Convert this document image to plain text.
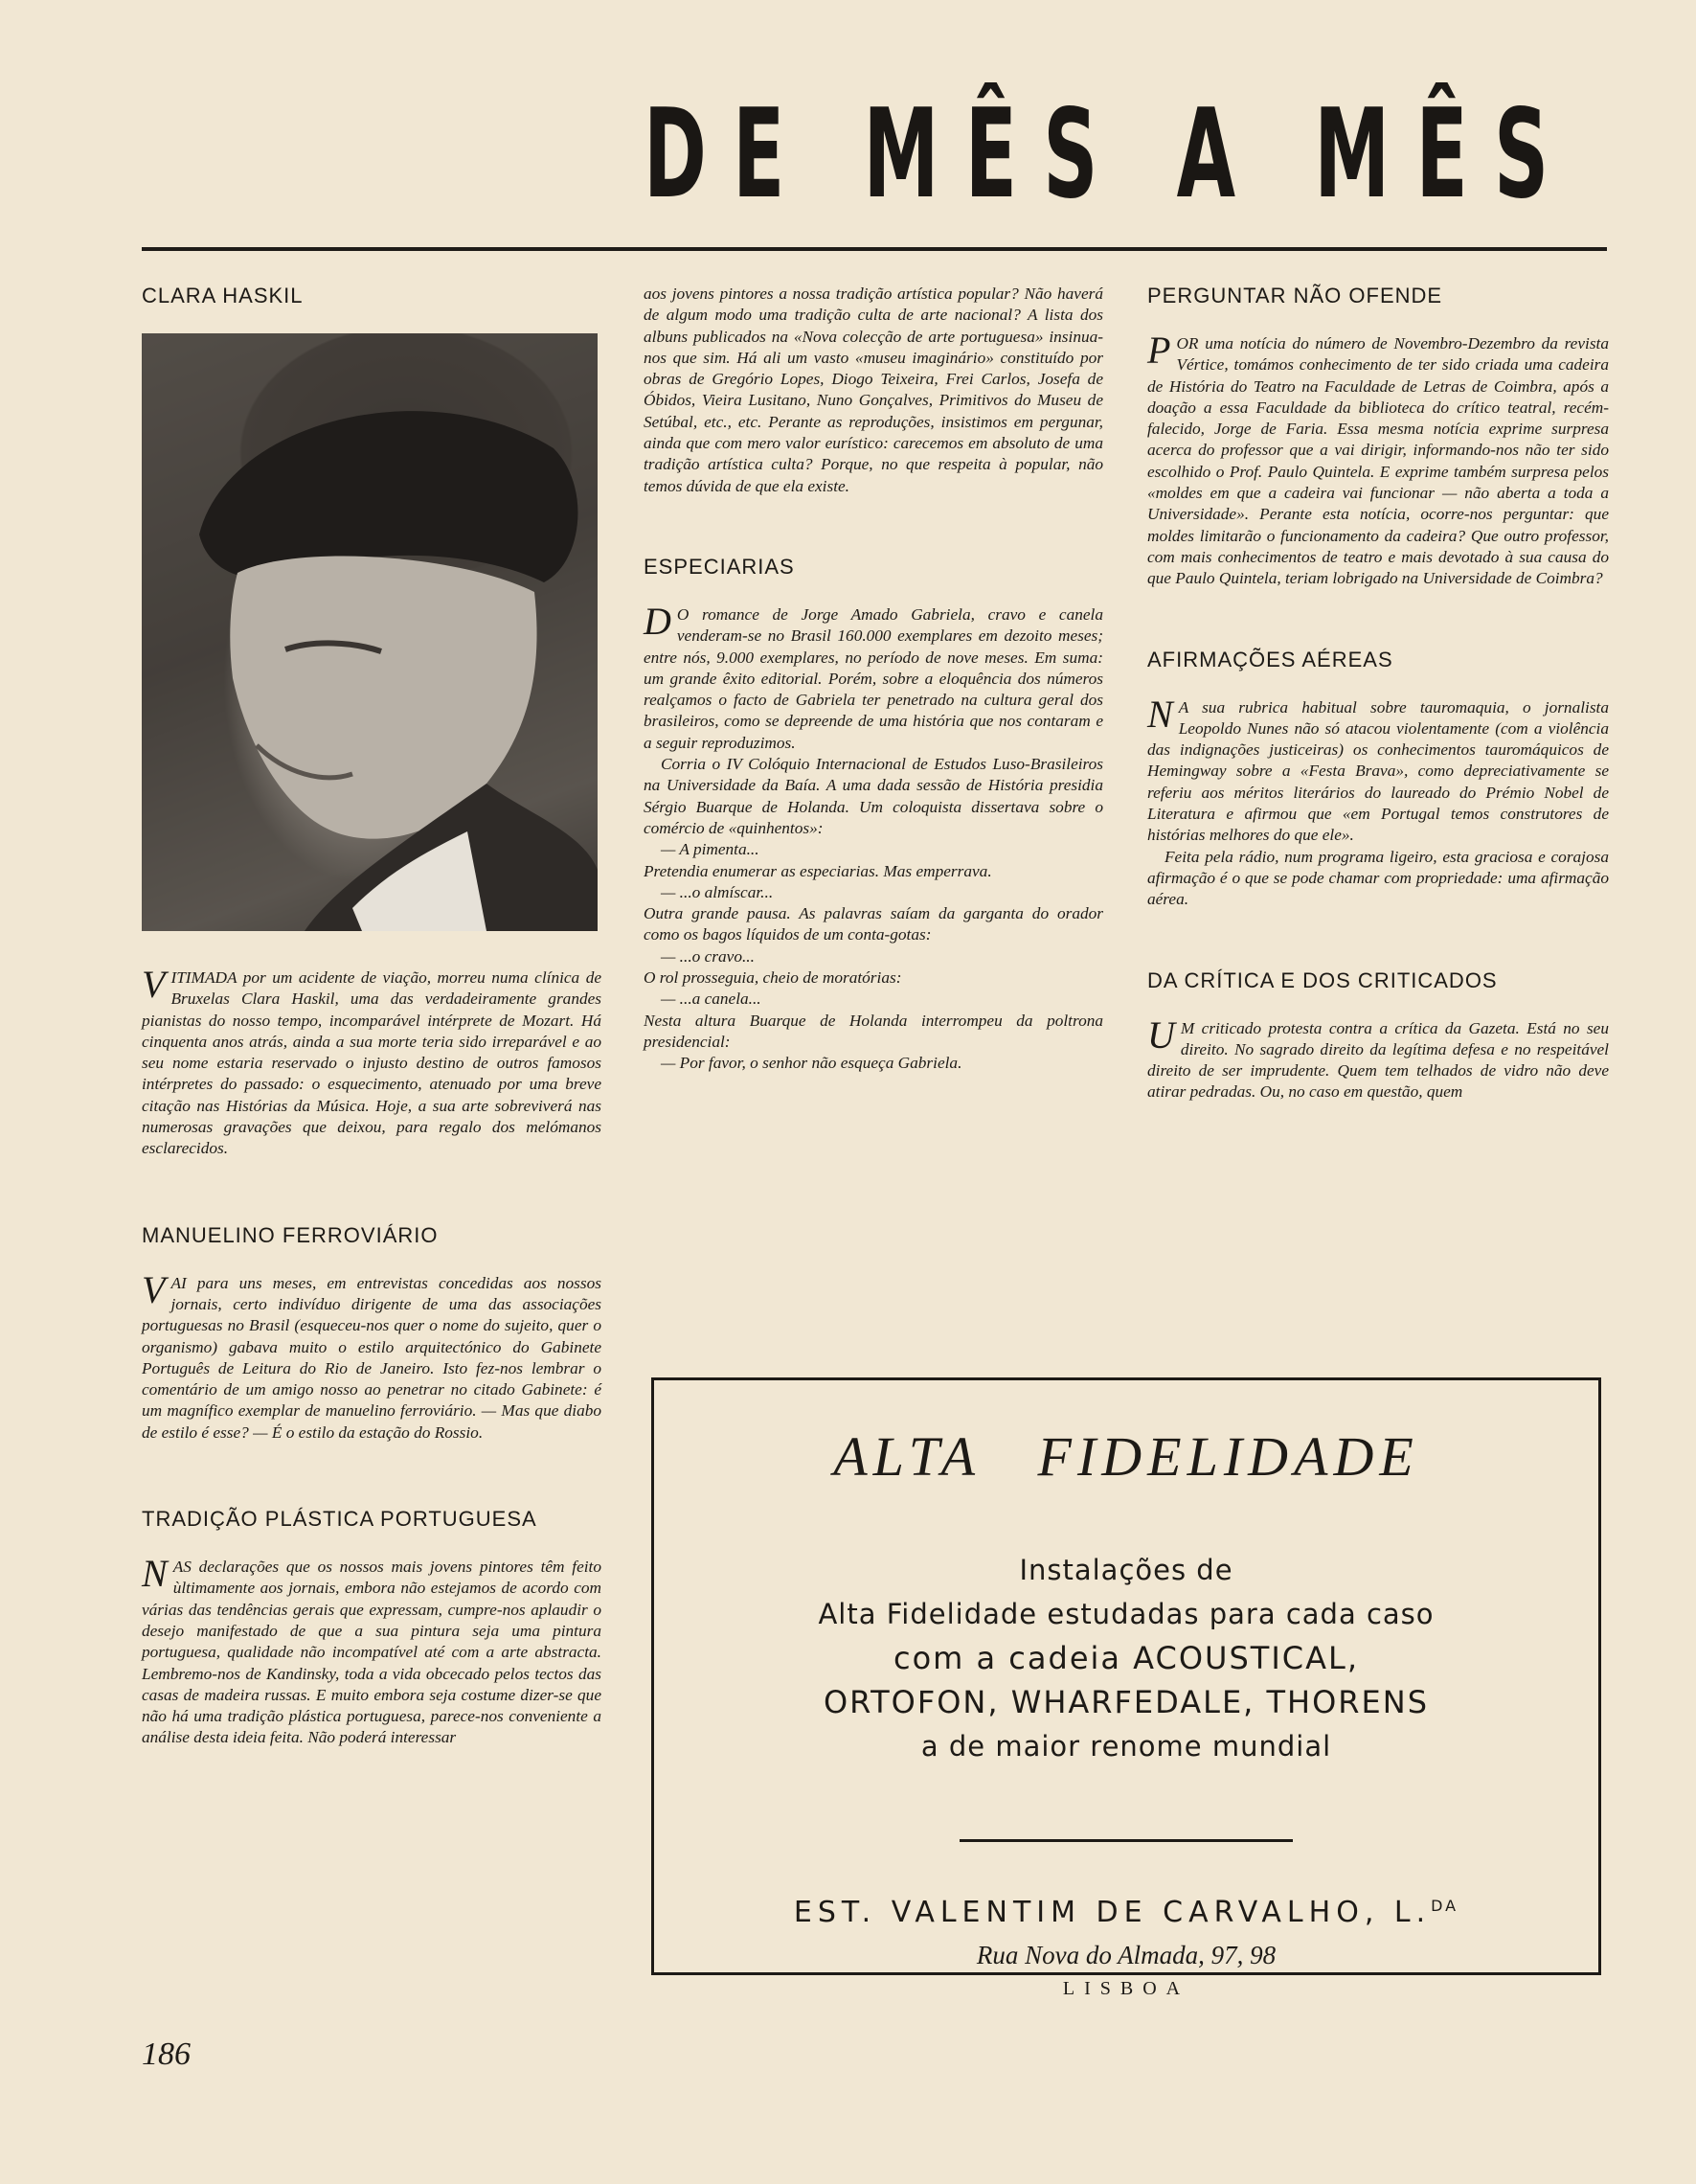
DE MÊS A MÊS
CLARA HASKIL

VITIMADA por um acidente de viação, morreu numa clínica de Bruxelas Clara Haskil, uma das verdadeiramente grandes pianistas do nosso tempo, incomparável intérprete de Mozart. Há cinquenta anos atrás, ainda a sua morte teria sido irreparável e ao seu nome estaria reservado o injusto destino de outros famosos intérpretes do passado: o esquecimento, atenuado por uma breve citação nas Histórias da Música. Hoje, a sua arte sobreviverá nas numerosas gravações que deixou, para regalo dos melómanos esclarecidos.

MANUELINO FERROVIÁRIO

VAI para uns meses, em entrevistas concedidas aos nossos jornais, certo indivíduo dirigente de uma das associações portuguesas no Brasil (esqueceu-nos quer o nome do sujeito, quer o organismo) gabava muito o estilo arquitectónico do Gabinete Português de Leitura do Rio de Janeiro. Isto fez-nos lembrar o comentário de um amigo nosso ao penetrar no citado Gabinete: é um magnífico exemplar de manuelino ferroviário. — Mas que diabo de estilo é esse? — É o estilo da estação do Rossio.

TRADIÇÃO PLÁSTICA PORTUGUESA

NAS declarações que os nossos mais jovens pintores têm feito ùltimamente aos jornais, embora não estejamos de acordo com várias das tendências gerais que expressam, cumpre-nos aplaudir o desejo manifestado de que a sua pintura seja uma pintura portuguesa, qualidade não incompatível até com a arte abstracta. Lembremo-nos de Kandinsky, toda a vida obcecado pelos tectos das casas de madeira russas. E muito embora seja costume dizer-se que não há uma tradição plástica portuguesa, parece-nos conveniente a análise desta ideia feita. Não poderá interessar

aos jovens pintores a nossa tradição artística popular? Não haverá de algum modo uma tradição culta de arte nacional? A lista dos albuns publicados na «Nova colecção de arte portuguesa» insinua-nos que sim. Há ali um vasto «museu imaginário» constituído por obras de Gregório Lopes, Diogo Teixeira, Frei Carlos, Josefa de Óbidos, Vieira Lusitano, Nuno Gonçalves, Primitivos do Museu de Setúbal, etc., etc. Perante as reproduções, insistimos em pergunar, ainda que com mero valor eurístico: carecemos em absoluto de uma tradição artística culta? Porque, no que respeita à popular, não temos dúvida de que ela existe.

ESPECIARIAS

D O romance de Jorge Amado Gabriela, cravo e canela venderam-se no Brasil 160.000 exemplares em dezoito meses; entre nós, 9.000 exemplares, no período de nove meses. Em suma: um grande êxito editorial. Porém, sobre a eloquência dos números realçamos o facto de Gabriela ter penetrado na cultura geral dos brasileiros, como se depreende de uma história que nos contaram e a seguir reproduzimos.

Corria o IV Colóquio Internacional de Estudos Luso-Brasileiros na Universidade da Baía. A uma dada sessão de História presidia Sérgio Buarque de Holanda. Um coloquista dissertava sobre o comércio de «quinhentos»:

— A pimenta...

Pretendia enumerar as especiarias. Mas emperrava.

— ...o almíscar...

Outra grande pausa. As palavras saíam da garganta do orador como os bagos líquidos de um conta-gotas:

— ...o cravo...

O rol prosseguia, cheio de moratórias:

— ...a canela...

Nesta altura Buarque de Holanda interrompeu da poltrona presidencial:

— Por favor, o senhor não esqueça Gabriela.

PERGUNTAR NÃO OFENDE

POR uma notícia do número de Novembro-Dezembro da revista Vértice, tomámos conhecimento de ter sido criada uma cadeira de História do Teatro na Faculdade de Letras de Coimbra, após a doação a essa Faculdade da biblioteca do crítico teatral, recém-falecido, Jorge de Faria. Essa mesma notícia exprime surpresa acerca do professor que a vai dirigir, informando-nos não ter sido escolhido o Prof. Paulo Quintela. E exprime também surpresa pelos «moldes em que a cadeira vai funcionar — não aberta a toda a Universidade». Perante esta notícia, ocorre-nos perguntar: que moldes limitarão o funcionamento da cadeira? Que outro professor, com mais conhecimentos de teatro e mais devotado à sua causa do que Paulo Quintela, teriam lobrigado na Universidade de Coimbra?

AFIRMAÇÕES AÉREAS

N A sua rubrica habitual sobre tauromaquia, o jornalista Leopoldo Nunes não só atacou violentamente (com a violência das indignações justiceiras) os conhecimentos tauromáquicos de Hemingway sobre a «Festa Brava», como depreciativamente se referiu aos méritos literários do laureado do Prémio Nobel de Literatura e afirmou que «em Portugal temos construtores de histórias melhores do que ele».

Feita pela rádio, num programa ligeiro, esta graciosa e corajosa afirmação é o que se pode chamar com propriedade: uma afirmação aérea.

DA CRÍTICA E DOS CRITICADOS

U M criticado protesta contra a crítica da Gazeta. Está no seu direito. No sagrado direito da legítima defesa e no respeitável direito de ser imprudente. Quem tem telhados de vidro não deve atirar pedradas. Ou, no caso em questão, quem

ALTA FIDELIDADE
Instalações de
Alta Fidelidade estudadas para cada caso
com a cadeia ACOUSTICAL,
ORTOFON, WHARFEDALE, THORENS
a de maior renome mundial
EST. VALENTIM DE CARVALHO, L.$^{DA}$
Rua Nova do Almada, 97, 98
LISBOA
186
